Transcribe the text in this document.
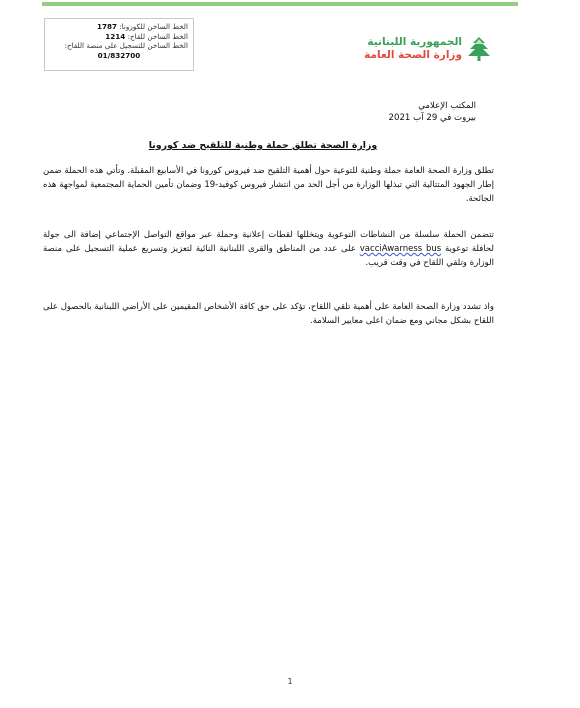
الخط الساخن للكورونا: 1787
الخط الساخن للقاح: 1214
الخط الساخن للتسجيل على منصة اللقاح:
01/832700
الجمهورية اللبنانية
وزارة الصحة العامة
المكتب الإعلامي
بيروت في 29 آب 2021
وزارة الصحة تطلق حملة وطنية للتلقيح ضد كورونا
تطلق وزارة الصحة العامة حملة وطنية للتوعية حول أهمية التلقيح ضد فيروس كورونا في الأسابيع المقبلة. وتأتي هذه الحملة ضمن إطار الجهود المتتالية التي تبذلها الوزارة من أجل الحد من انتشار فيروس كوفيد-19 وضمان تأمين الحماية المجتمعية لمواجهة هذه الجائحة.
تتضمن الحملة سلسلة من النشاطات التوعوية ويتخللها لقطات إعلانية وحملة عبر مواقع التواصل الإجتماعي إضافة الى جولة لحافلة توعوية vacciAwarness bus على عدد من المناطق والقرى اللبنانية النائية لتعزيز وتسريع عملية التسجيل على منصة الوزارة وتلقي اللقاح في وقت قريب.
واذ تشدد وزارة الصحة العامة على أهمية تلقي اللقاح، تؤكد على حق كافة الأشخاص المقيمين على الأراضي اللبنانية بالحصول على اللقاح بشكل مجاني ومع ضمان اعلى معايير السلامة.
1
